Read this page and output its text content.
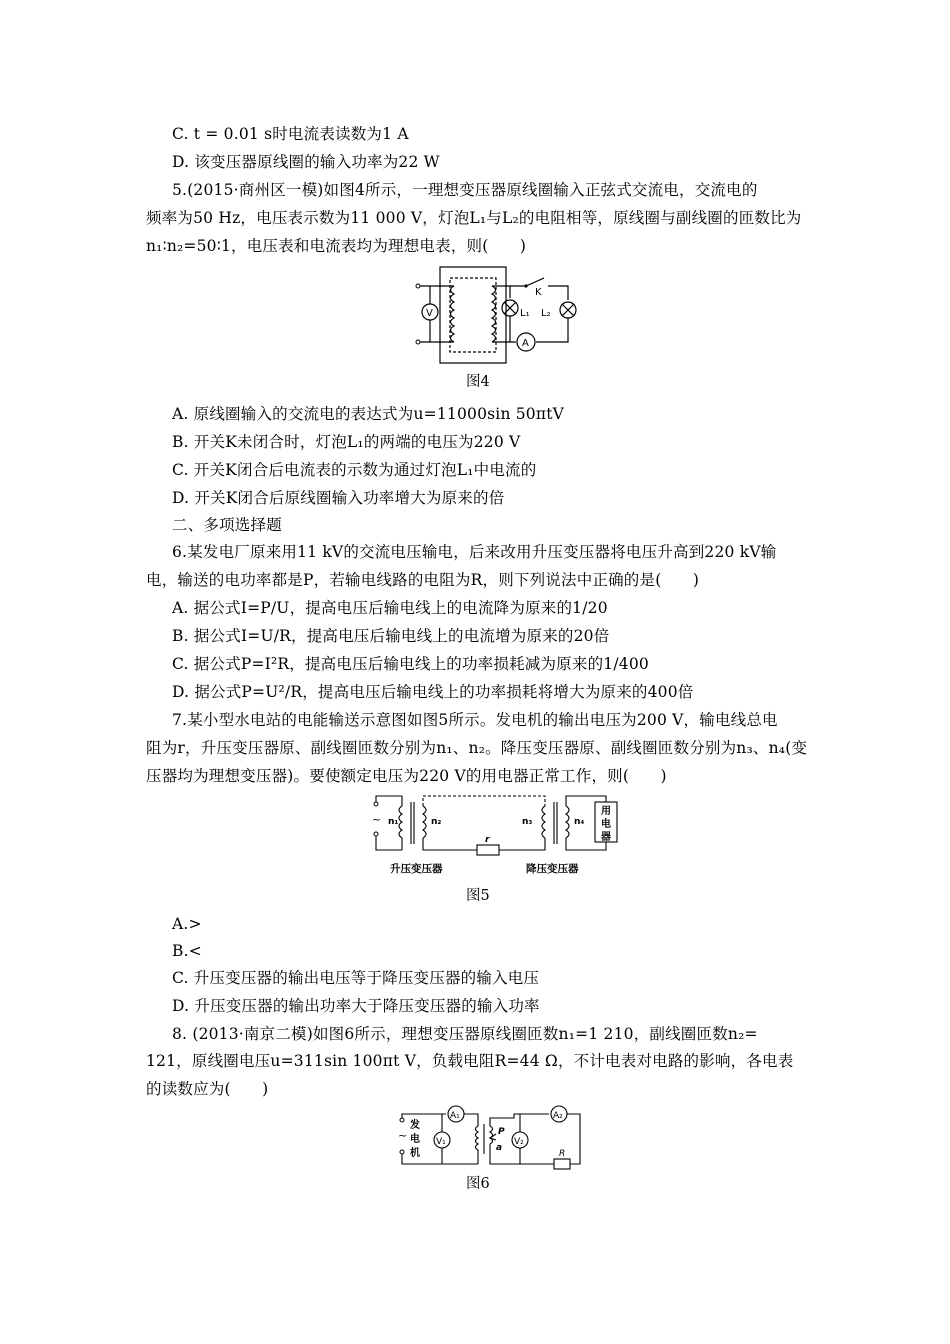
C. t = 0.01 s时电流表读数为1 A
D. 该变压器原线圈的输入功率为22 W
5.(2015·商州区一模)如图4所示，一理想变压器原线圈输入正弦式交流电，交流电的
频率为50 Hz，电压表示数为11 000 V，灯泡L₁与L₂的电阻相等，原线圈与副线圈的匝数比为
n₁∶n₂=50∶1，电压表和电流表均为理想电表，则(　　)
V
A
K
L₁ L₂
图4
A. 原线圈输入的交流电的表达式为u=11000sin 50πtV
B. 开关K未闭合时，灯泡L₁的两端的电压为220 V
C. 开关K闭合后电流表的示数为通过灯泡L₁中电流的
D. 开关K闭合后原线圈输入功率增大为原来的倍
二、多项选择题
6.某发电厂原来用11 kV的交流电压输电，后来改用升压变压器将电压升高到220 kV输
电，输送的电功率都是P，若输电线路的电阻为R，则下列说法中正确的是(　　)
A. 据公式I=P/U，提高电压后输电线上的电流降为原来的1/20
B. 据公式I=U/R，提高电压后输电线上的电流增为原来的20倍
C. 据公式P=I²R，提高电压后输电线上的功率损耗减为原来的1/400
D. 据公式P=U²/R，提高电压后输电线上的功率损耗将增大为原来的400倍
7.某小型水电站的电能输送示意图如图5所示。发电机的输出电压为200 V，输电线总电
阻为r，升压变压器原、副线圈匝数分别为n₁、n₂。降压变压器原、副线圈匝数分别为n₃、n₄(变
压器均为理想变压器)。要使额定电压为220 V的用电器正常工作，则(　　)
~ n₁	n₂	n₃	n₄
r
用
电
器
升压变压器	降压变压器
图5
A.>
B.<
C. 升压变压器的输出电压等于降压变压器的输入电压
D. 升压变压器的输出功率大于降压变压器的输入功率
8. (2013·南京二模)如图6所示，理想变压器原线圈匝数n₁=1 210，副线圈匝数n₂=
121，原线圈电压u=311sin 100πt V，负载电阻R=44 Ω，不计电表对电路的影响，各电表
的读数应为(　　)
~
发
电
机
A₁
V₁
A₂
V₂
P
a
R
图6
